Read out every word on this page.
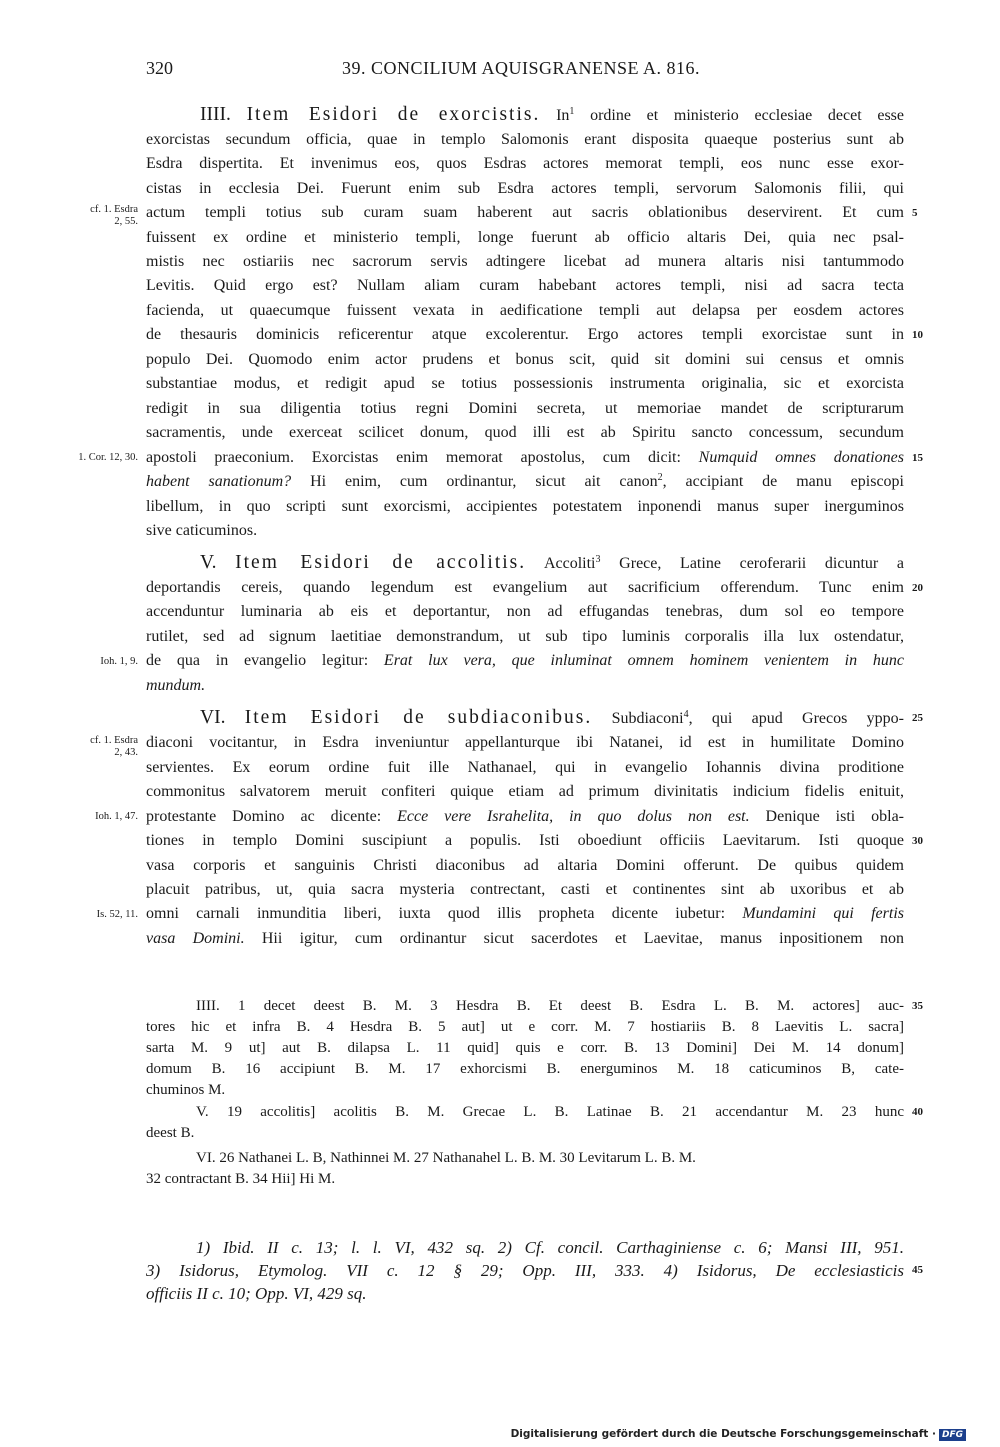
320	39. CONCILIUM AQUISGRANENSE A. 816.
IIII. Item Esidori de exorcistis. In$^1$ ordine et ministerio ecclesiae decet esse
exorcistas secundum officia, quae in templo Salomonis erant disposita quaeque posterius sunt ab
Esdra dispertita. Et invenimus eos, quos Esdras actores memorat templi, eos nunc esse exor-
cistas in ecclesia Dei. Fuerunt enim sub Esdra actores templi, servorum Salomonis filii, qui
actum templi totius sub curam suam haberent aut sacris oblationibus deservirent. Et cum
fuissent ex ordine et ministerio templi, longe fuerunt ab officio altaris Dei, quia nec psal-
mistis nec ostiariis nec sacrorum servis adtingere licebat ad munera altaris nisi tantummodo
Levitis. Quid ergo est? Nullam aliam curam habebant actores templi, nisi ad sacra tecta
facienda, ut quaecumque fuissent vexata in aedificatione templi aut delapsa per eosdem actores
de thesauris dominicis reficerentur atque excolerentur. Ergo actores templi exorcistae sunt in
populo Dei. Quomodo enim actor prudens et bonus scit, quid sit domini sui census et omnis
substantiae modus, et redigit apud se totius possessionis instrumenta originalia, sic et exorcista
redigit in sua diligentia totius regni Domini secreta, ut memoriae mandet de scripturarum
sacramentis, unde exerceat scilicet donum, quod illi est ab Spiritu sancto concessum, secundum
apostoli praeconium. Exorcistas enim memorat apostolus, cum dicit: Numquid omnes donationes
habent sanationum? Hi enim, cum ordinantur, sicut ait canon$^2$, accipiant de manu episcopi
libellum, in quo scripti sunt exorcismi, accipientes potestatem inponendi manus super inerguminos
sive caticuminos.
V. Item Esidori de accolitis. Accoliti$^3$ Grece, Latine ceroferarii dicuntur a
deportandis cereis, quando legendum est evangelium aut sacrificium offerendum. Tunc enim
accenduntur luminaria ab eis et deportantur, non ad effugandas tenebras, dum sol eo tempore
rutilet, sed ad signum laetitiae demonstrandum, ut sub tipo luminis corporalis illa lux ostendatur,
de qua in evangelio legitur: Erat lux vera, que inluminat omnem hominem venientem in hunc
mundum.
VI. Item Esidori de subdiaconibus. Subdiaconi$^4$, qui apud Grecos yppo-
diaconi vocitantur, in Esdra inveniuntur appellanturque ibi Natanei, id est in humilitate Domino
servientes. Ex eorum ordine fuit ille Nathanael, qui in evangelio Iohannis divina proditione
commonitus salvatorem meruit confiteri quique etiam ad primum divinitatis indicium fidelis enituit,
protestante Domino ac dicente: Ecce vere Israhelita, in quo dolus non est. Denique isti obla-
tiones in templo Domini suscipiunt a populis. Isti oboediunt officiis Laevitarum. Isti quoque
vasa corporis et sanguinis Christi diaconibus ad altaria Domini offerunt. De quibus quidem
placuit patribus, ut, quia sacra mysteria contrectant, casti et continentes sint ab uxoribus et ab
omni carnali inmunditia liberi, iuxta quod illis propheta dicente iubetur: Mundamini qui fertis
vasa Domini. Hii igitur, cum ordinantur sicut sacerdotes et Laevitae, manus inpositionem non
cf. 1. Esdra
2, 55.
1. Cor. 12, 30.
Ioh. 1, 9.
cf. 1. Esdra
2, 43.
Ioh. 1, 47.
Is. 52, 11.
5
10
15
20
25
30
35
40
45
IIII. 1 decet deest B. M. 3 Hesdra B. Et deest B. Esdra L. B. M. actores] auc-
tores hic et infra B. 4 Hesdra B. 5 aut] ut e corr. M. 7 hostiariis B. 8 Laevitis L. sacra]
sarta M. 9 ut] aut B. dilapsa L. 11 quid] quis e corr. B. 13 Domini] Dei M. 14 donum]
domum B. 16 accipiunt B. M. 17 exhorcismi B. energuminos M. 18 caticuminos B, cate-
chuminos M.
V. 19 accolitis] acolitis B. M. Grecae L. B. Latinae B. 21 accendantur M. 23 hunc
deest B.
VI. 26 Nathanei L. B, Nathinnei M. 27 Nathanahel L. B. M. 30 Levitarum L. B. M.
32 contractant B. 34 Hii] Hi M.
1) Ibid. II c. 13; l. l. VI, 432 sq. 2) Cf. concil. Carthaginiense c. 6; Mansi III, 951.
3) Isidorus, Etymolog. VII c. 12 § 29; Opp. III, 333. 4) Isidorus, De ecclesiasticis
officiis II c. 10; Opp. VI, 429 sq.
Digitalisierung gefördert durch die Deutsche Forschungsgemeinschaft · DFG
